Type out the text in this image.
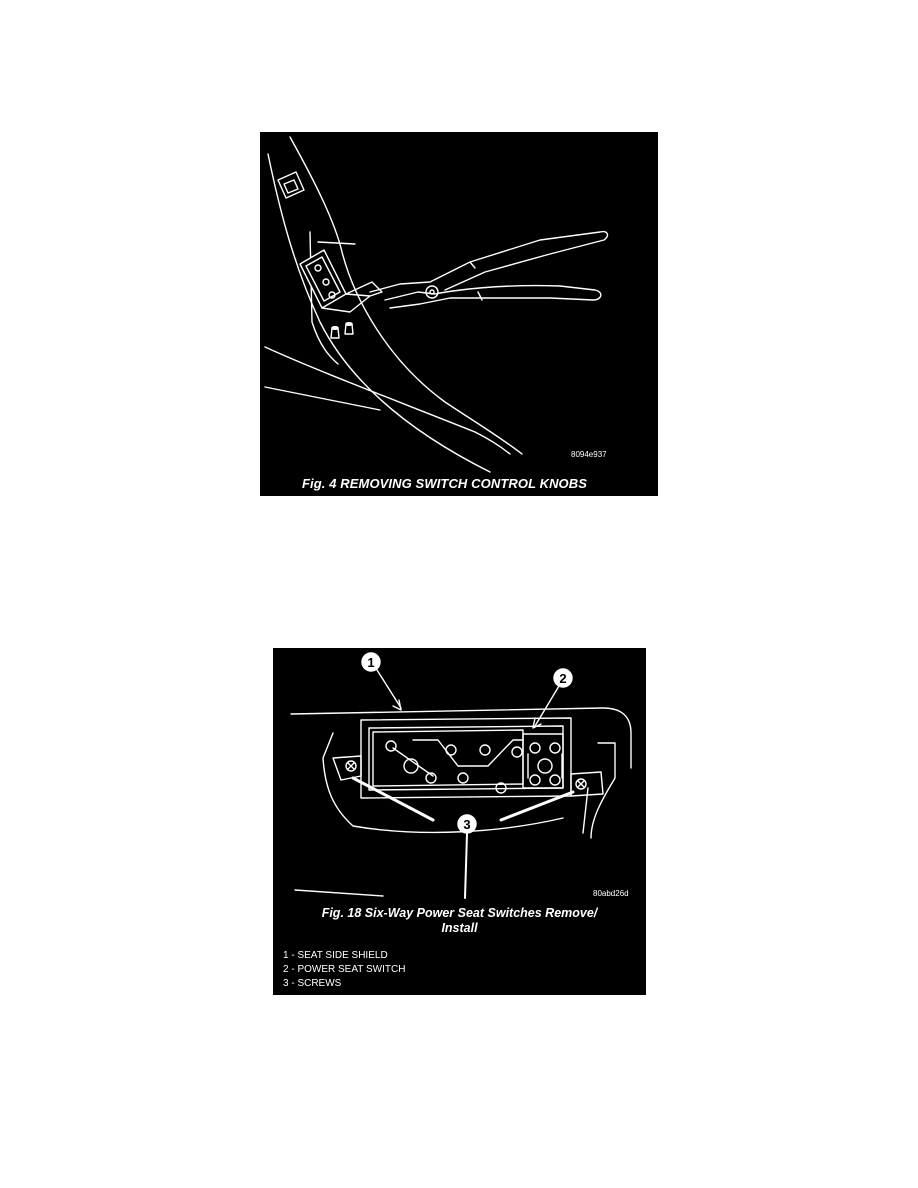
8094e937
Fig. 4 REMOVING SWITCH CONTROL KNOBS
1
2
3
80abd26d
Fig. 18 Six-Way Power Seat Switches Remove/
Install
1 - SEAT SIDE SHIELD
2 - POWER SEAT SWITCH
3 - SCREWS
